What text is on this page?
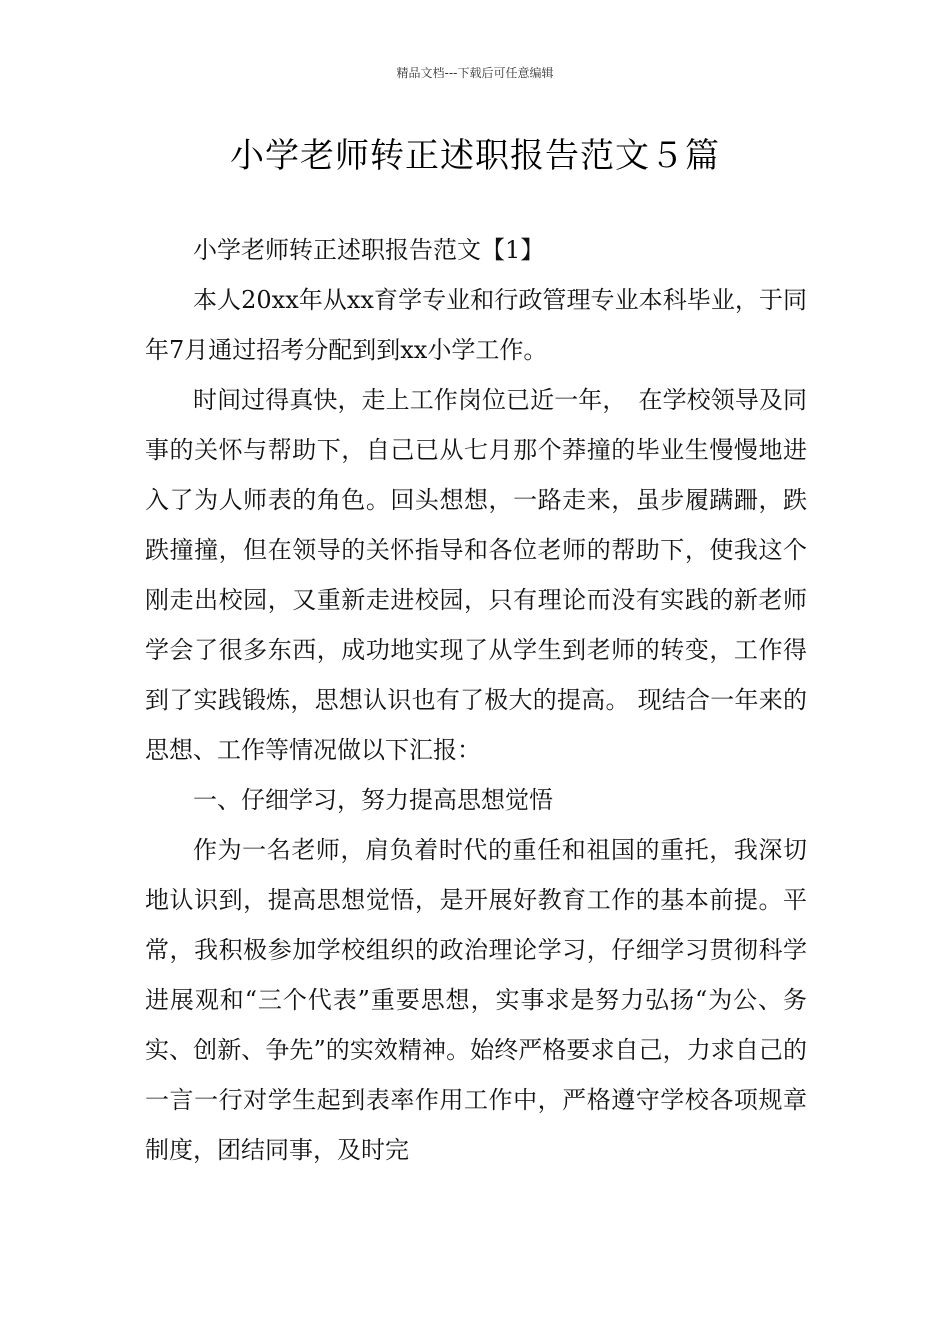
精品文档---下载后可任意编辑
小学老师转正述职报告范文５篇

小学老师转正述职报告范文【1】

本人20xx年从xx育学专业和行政管理专业本科毕业，于同年7月通过招考分配到到xx小学工作。

时间过得真快，走上工作岗位已近一年，　在学校领导及同事的关怀与帮助下，自己已从七月那个莽撞的毕业生慢慢地进入了为人师表的角色。回头想想，一路走来，虽步履蹒跚，跌跌撞撞，但在领导的关怀指导和各位老师的帮助下，使我这个刚走出校园，又重新走进校园，只有理论而没有实践的新老师学会了很多东西，成功地实现了从学生到老师的转变，工作得到了实践锻炼，思想认识也有了极大的提高。 现结合一年来的思想、工作等情况做以下汇报：

一、仔细学习，努力提高思想觉悟

作为一名老师，肩负着时代的重任和祖国的重托，我深切地认识到，提高思想觉悟，是开展好教育工作的基本前提。平常，我积极参加学校组织的政治理论学习，仔细学习贯彻科学进展观和“三个代表”重要思想，实事求是努力弘扬“为公、务实、创新、争先”的实效精神。始终严格要求自己，力求自己的一言一行对学生起到表率作用工作中，严格遵守学校各项规章制度，团结同事，及时完
